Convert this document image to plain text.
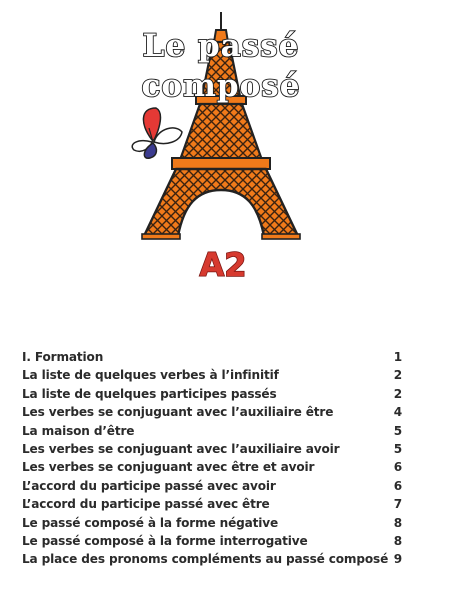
Le passé
composé
A2
I. Formation	1
La liste de quelques verbes à l’infinitif	2
La liste de quelques participes passés	2
Les verbes se conjuguant avec l’auxiliaire être	4
La maison d’être	5
Les verbes se conjuguant avec l’auxiliaire avoir	5
Les verbes se conjuguant avec être et avoir	6
L’accord du participe passé avec avoir	6
L’accord du participe passé avec être	7
Le passé composé à la forme négative	8
Le passé composé à la forme interrogative	8
La place des pronoms compléments au passé composé 9
